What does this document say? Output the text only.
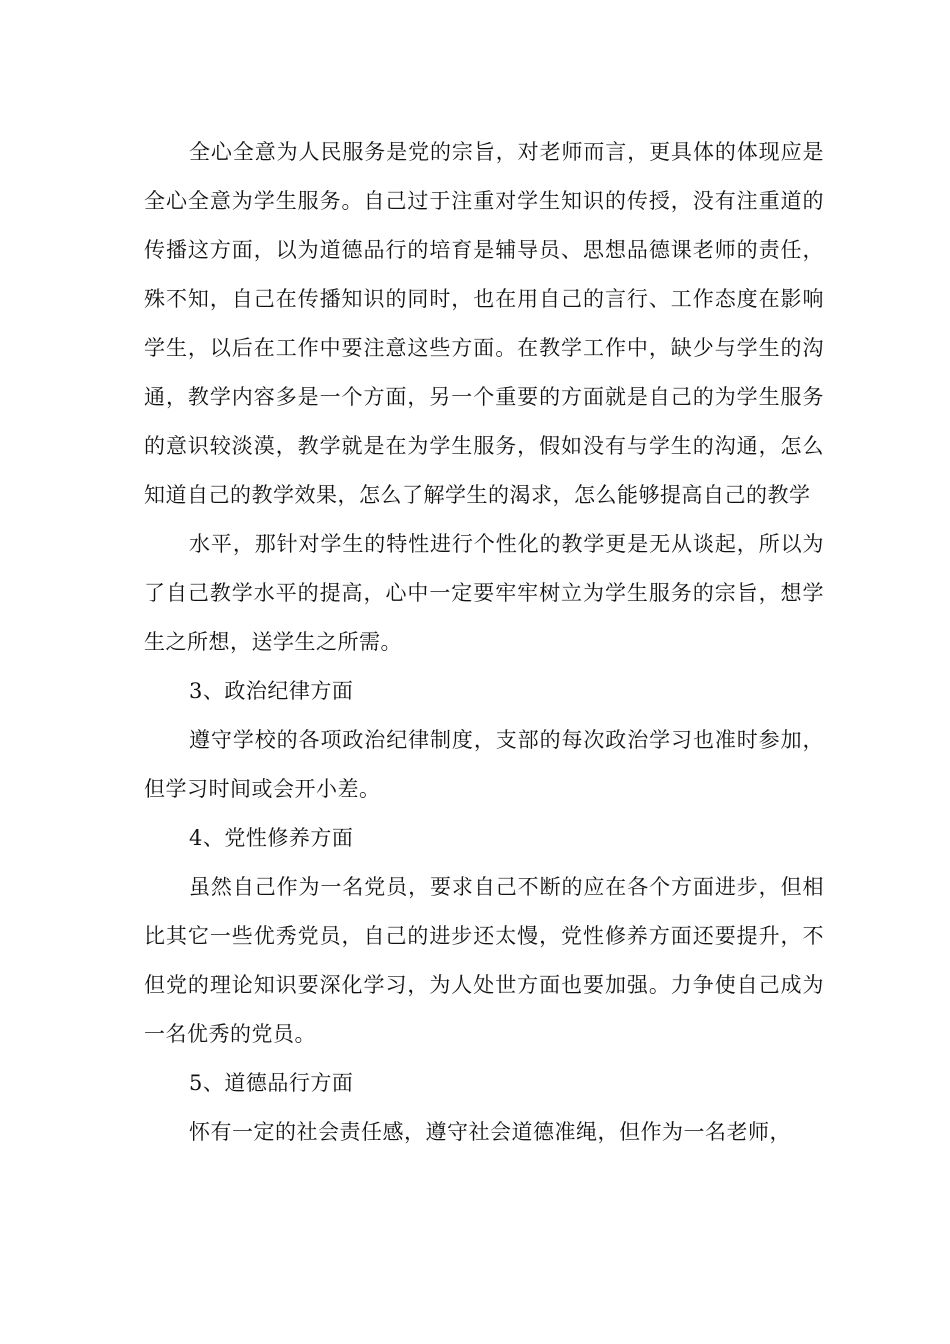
全心全意为人民服务是党的宗旨，对老师而言，更具体的体现应是全心全意为学生服务。自己过于注重对学生知识的传授，没有注重道的传播这方面，以为道德品行的培育是辅导员、思想品德课老师的责任，殊不知，自己在传播知识的同时，也在用自己的言行、工作态度在影响学生，以后在工作中要注意这些方面。在教学工作中，缺少与学生的沟通，教学内容多是一个方面，另一个重要的方面就是自己的为学生服务的意识较淡漠，教学就是在为学生服务，假如没有与学生的沟通，怎么知道自己的教学效果，怎么了解学生的渴求，怎么能够提高自己的教学

水平，那针对学生的特性进行个性化的教学更是无从谈起，所以为了自己教学水平的提高，心中一定要牢牢树立为学生服务的宗旨，想学生之所想，送学生之所需。

3、政治纪律方面

遵守学校的各项政治纪律制度，支部的每次政治学习也准时参加，但学习时间或会开小差。

4、党性修养方面

虽然自己作为一名党员，要求自己不断的应在各个方面进步，但相比其它一些优秀党员，自己的进步还太慢，党性修养方面还要提升，不但党的理论知识要深化学习，为人处世方面也要加强。力争使自己成为一名优秀的党员。

5、道德品行方面

怀有一定的社会责任感，遵守社会道德准绳，但作为一名老师，
